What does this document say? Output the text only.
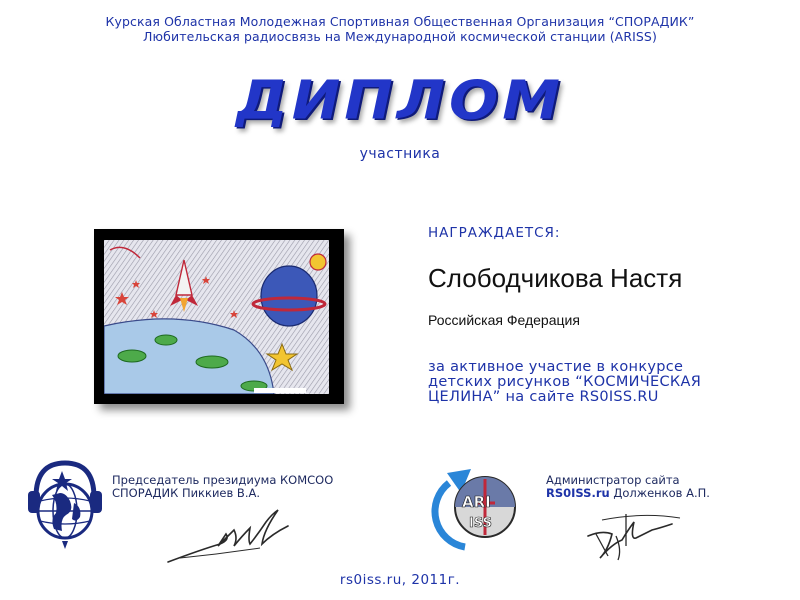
Курская Областная Молодежная Спортивная Общественная Организация “СПОРАДИК”
Любительская радиосвязь на Международной космической станции (ARISS)
ДИПЛОМ
участника
НАГРАЖДАЕТСЯ:
Слободчикова Настя
Российская Федерация
за активное участие в конкурсе
детских рисунков “КОСМИЧЕСКАЯ
ЦЕЛИНА” на сайте RS0ISS.RU
Председатель президиума КОМСОО
СПОРАДИК Пиккиев В.А.	ARI
ISS
Администратор сайта
RS0ISS.ru Долженков А.П.
rs0iss.ru, 2011г.
